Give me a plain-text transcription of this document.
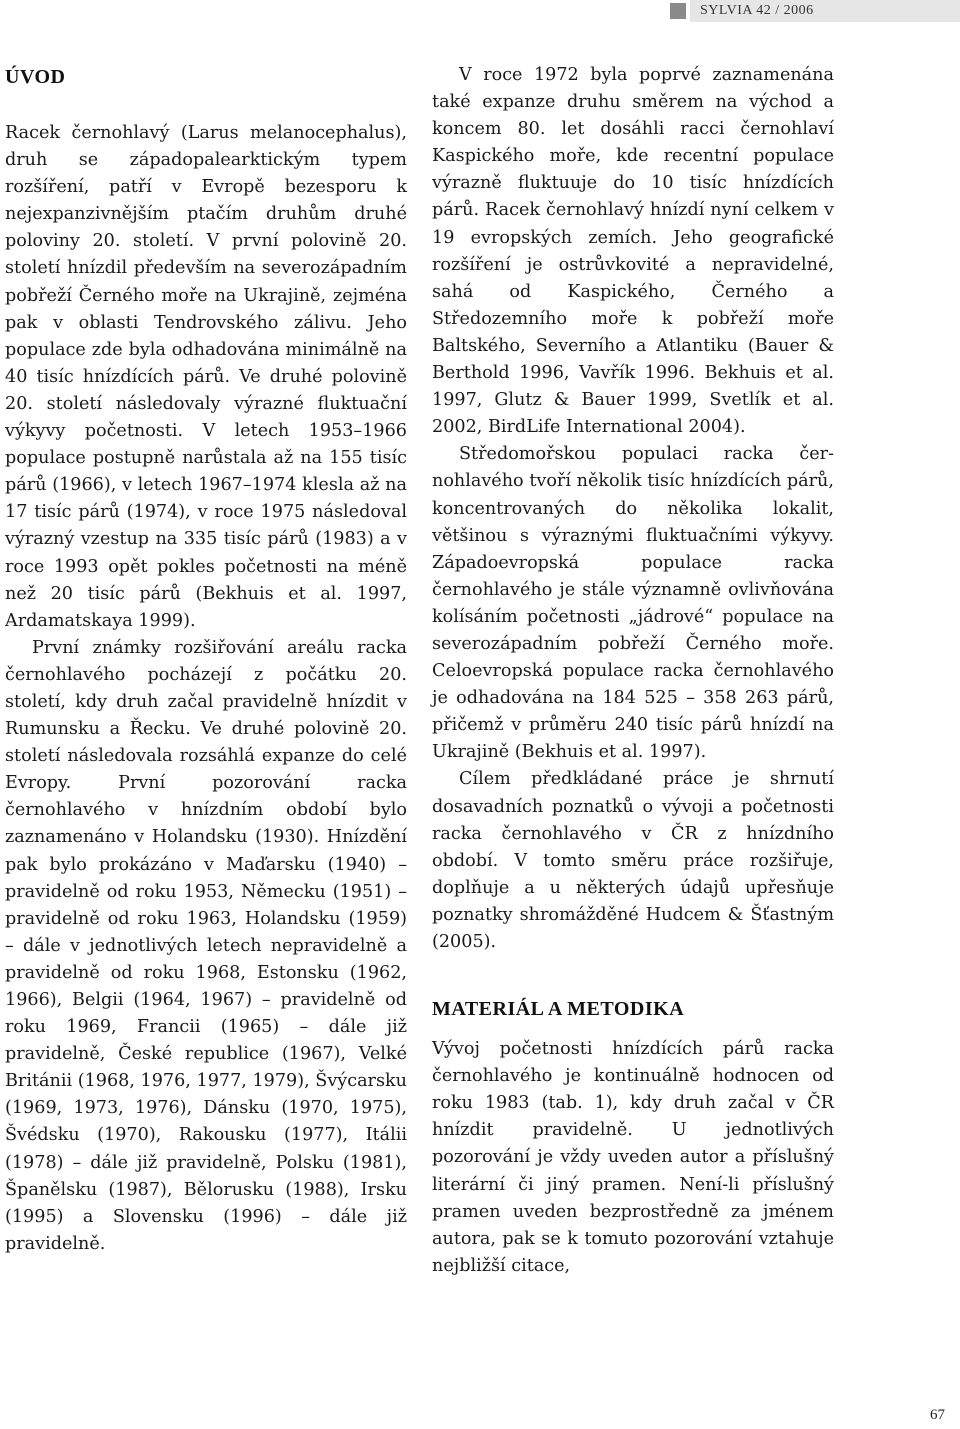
SYLVIA 42 / 2006
ÚVOD

Racek černohlavý (Larus melanocephalus), druh se západopalearktickým typem rozšíření, patří v Evropě bezesporu k nejexpanzivnějším ptačím druhům druhé poloviny 20. století. V první polovině 20. století hnízdil především na severozápadním pobřeží Černého moře na Ukrajině, zejména pak v oblasti Tendrovského zálivu. Jeho populace zde byla odhadována minimálně na 40 tisíc hnízdících párů. Ve druhé polovině 20. století následovaly výrazné fluktuační výkyvy početnosti. V letech 1953–1966 populace postupně narůstala až na 155 tisíc párů (1966), v letech 1967–1974 klesla až na 17 tisíc párů (1974), v roce 1975 následoval výrazný vzestup na 335 tisíc párů (1983) a v roce 1993 opět pokles početnosti na méně než 20 tisíc párů (Bekhuis et al. 1997, Ardamatskaya 1999).

První známky rozšiřování areálu racka černohlavého pocházejí z počátku 20. století, kdy druh začal pravidelně hnízdit v Rumunsku a Řecku. Ve druhé polovině 20. století následovala rozsáhlá expanze do celé Evropy. První pozorování racka černohlavého v hnízdním období bylo zaznamenáno v Holandsku (1930). Hnízdění pak bylo prokázáno v Maďarsku (1940) – pravidelně od roku 1953, Německu (1951) – pravidelně od roku 1963, Holandsku (1959) – dále v jednotlivých letech nepravidelně a pravidelně od roku 1968, Estonsku (1962, 1966), Belgii (1964, 1967) – pravidelně od roku 1969, Francii (1965) – dále již pravidelně, České republice (1967), Velké Británii (1968, 1976, 1977, 1979), Švýcarsku (1969, 1973, 1976), Dánsku (1970, 1975), Švédsku (1970), Rakousku (1977), Itálii (1978) – dále již pravidelně, Polsku (1981), Španělsku (1987), Bělorusku (1988), Irsku (1995) a Slovensku (1996) – dále již pravidelně.

V roce 1972 byla poprvé zaznamenána také expanze druhu směrem na východ a koncem 80. let dosáhli racci černohlaví Kaspického moře, kde recentní populace výrazně fluktuuje do 10 tisíc hnízdících párů. Racek černohlavý hnízdí nyní celkem v 19 evropských zemích. Jeho geografické rozšíření je ostrůvkovité a nepravidelné, sahá od Kaspického, Černého a Středozemního moře k pobřeží moře Baltského, Severního a Atlantiku (Bauer & Berthold 1996, Vavřík 1996. Bekhuis et al. 1997, Glutz & Bauer 1999, Svetlík et al. 2002, BirdLife International 2004).

Středomořskou populaci racka černohlavého tvoří několik tisíc hnízdících párů, koncentrovaných do několika lokalit, většinou s výraznými fluktuačními výkyvy. Západoevropská populace racka černohlavého je stále významně ovlivňována kolísáním početnosti „jádrové“ populace na severozápadním pobřeží Černého moře. Celoevropská populace racka černohlavého je odhadována na 184 525 – 358 263 párů, přičemž v průměru 240 tisíc párů hnízdí na Ukrajině (Bekhuis et al. 1997).

Cílem předkládané práce je shrnutí dosavadních poznatků o vývoji a početnosti racka černohlavého v ČR z hnízdního období. V tomto směru práce rozšiřuje, doplňuje a u některých údajů upřesňuje poznatky shromážděné Hudcem & Šťastným (2005).

MATERIÁL A METODIKA

Vývoj početnosti hnízdících párů racka černohlavého je kontinuálně hodnocen od roku 1983 (tab. 1), kdy druh začal v ČR hnízdit pravidelně. U jednotlivých pozorování je vždy uveden autor a příslušný literární či jiný pramen. Není-li příslušný pramen uveden bezprostředně za jménem autora, pak se k tomuto pozorování vztahuje nejbližší citace,

67
